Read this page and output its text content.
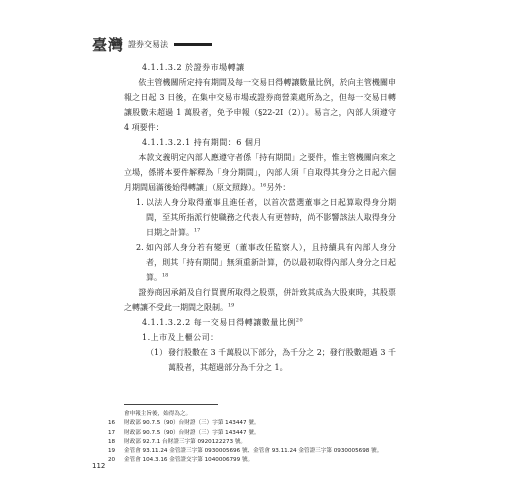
臺灣 證券交易法

4.1.1.3.2 於證券市場轉讓

依主管機關所定持有期間及每一交易日得轉讓數量比例，於向主管機關申報之日起 3 日後，在集中交易市場或證券商營業處所為之，但每一交易日轉讓股數未超過 1 萬股者，免予申報（§22-2I（2））。易言之，內部人須遵守 4 項要件：

4.1.1.3.2.1 持有期間：6 個月

本款文義明定內部人應遵守者係「持有期間」之要件，惟主管機關向來之立場，係將本要件解釋為「身分期間」，內部人須「自取得其身分之日起六個月期間屆滿後始得轉讓」（原文照錄）。$^{16}$另外：

1. 以法人身分取得董事且進任者，以首次當選董事之日起算取得身分期間，至其所指派行使職務之代表人有更替時，尚不影響該法人取得身分日期之計算。$^{17}$
2. 如內部人身分若有變更（董事改任監察人），且持續具有內部人身分者，則其「持有期間」無須重新計算，仍以最初取得內部人身分之日起算。$^{18}$

證券商因承銷及自行買賣所取得之股票，併計致其成為大股東時，其股票之轉讓不受此一期間之限制。$^{19}$

4.1.1.3.2.2 每一交易日得轉讓數量比例$^{20}$

1.上市及上櫃公司：

（1） 發行股數在 3 千萬股以下部分，為千分之 2；發行股數超過 3 千萬股者，其超過部分為千分之 1。
會申報主旨後，始得為之。
16	財政部 90.7.5（90）台財證（三）字第 143447 號。
17	財政部 90.7.5（90）台財證（三）字第 143447 號。
18	財政部 92.7.1 台財證三字第 0920122273 號。
19	金管會 93.11.24 金管證三字第 0930005696 號、金管會 93.11.24 金管證三字第 0930005698 號。
20	金管會 104.3.16 金管證交字第 1040006799 號。
112
